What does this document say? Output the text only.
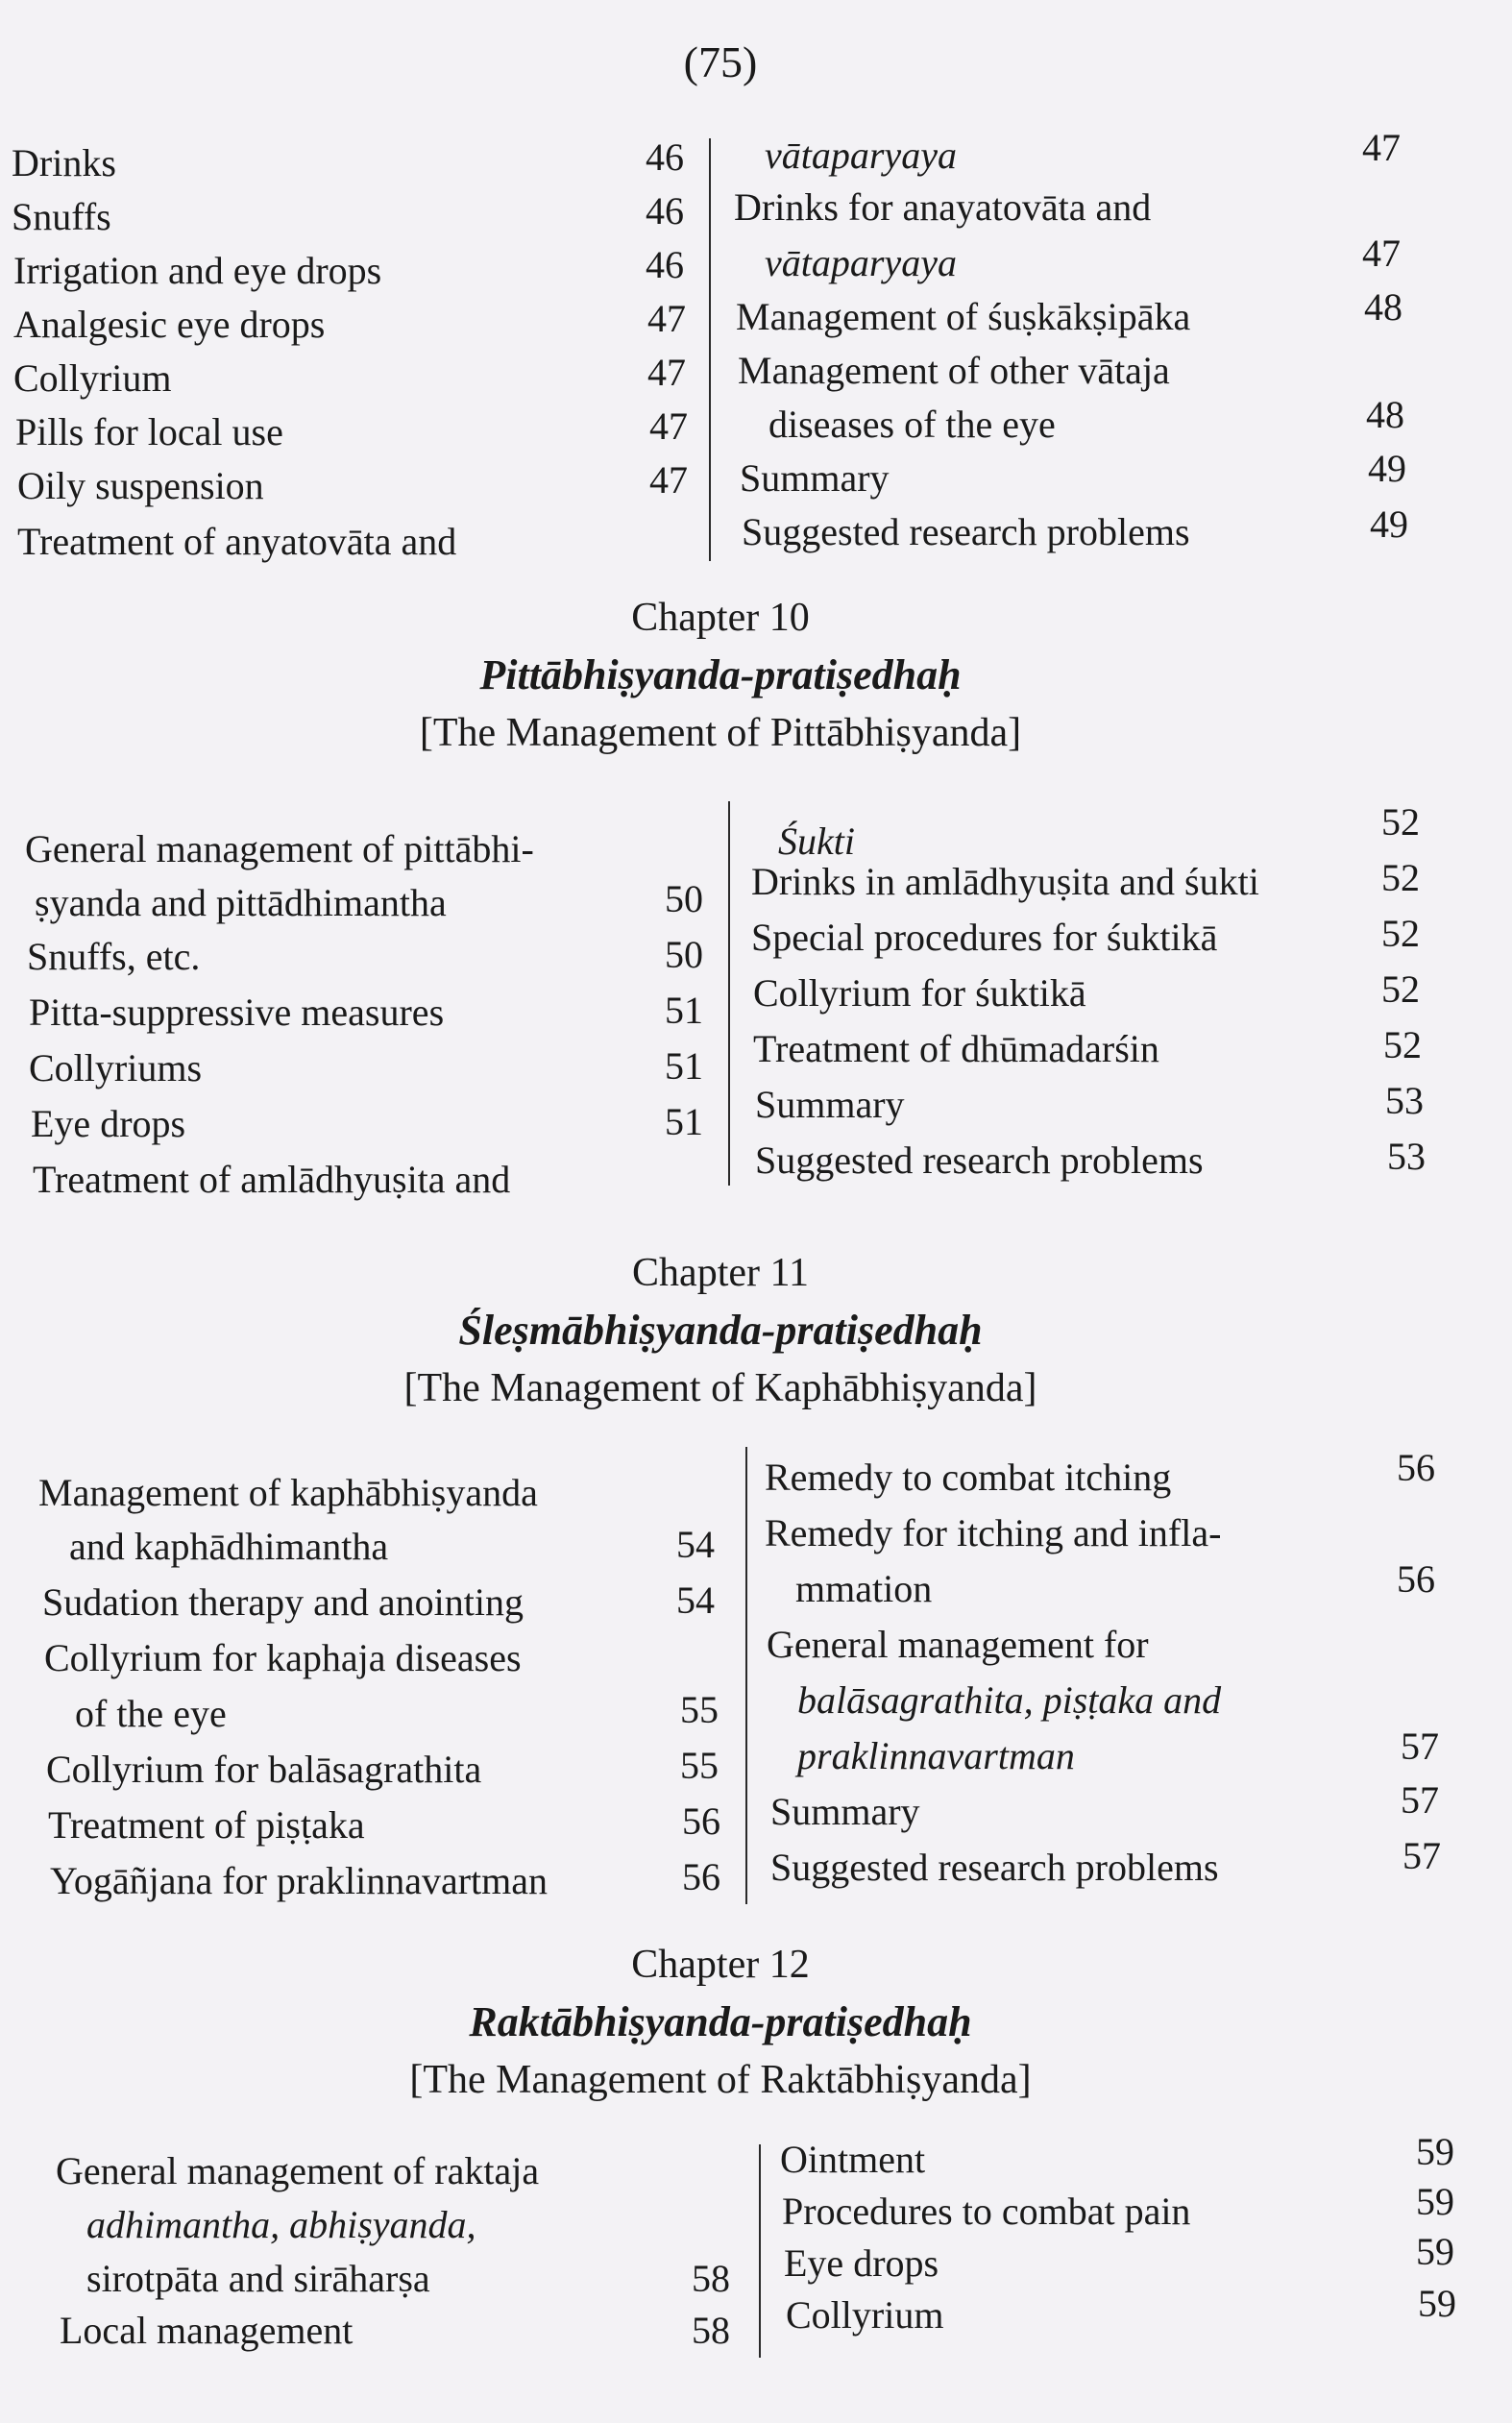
(75)
Drinks	46
Snuffs	46
Irrigation and eye drops	46
Analgesic eye drops	47
Collyrium	47
Pills for local use	47
Oily suspension	47
Treatment of anyatovāta and
vātaparyaya	47
Drinks for anayatovāta and
vātaparyaya	47
Management of śuṣkākṣipāka	48
Management of other vātaja
diseases of the eye	48
Summary	49
Suggested research problems	49
Chapter 10
Pittābhiṣyanda-pratiṣedhaḥ
[The Management of Pittābhiṣyanda]
General management of pittābhi-
ṣyanda and pittādhimantha	50
Snuffs, etc.	50
Pitta-suppressive measures	51
Collyriums	51
Eye drops	51
Treatment of amlādhyuṣita and
Śukti	52
Drinks in amlādhyuṣita and śukti	52
Special procedures for śuktikā	52
Collyrium for śuktikā	52
Treatment of dhūmadarśin	52
Summary	53
Suggested research problems	53
Chapter 11
Śleṣmābhiṣyanda-pratiṣedhaḥ
[The Management of Kaphābhiṣyanda]
Management of kaphābhiṣyanda
and kaphādhimantha	54
Sudation therapy and anointing	54
Collyrium for kaphaja diseases
of the eye	55
Collyrium for balāsagrathita	55
Treatment of piṣṭaka	56
Yogāñjana for praklinnavartman	56
Remedy to combat itching	56
Remedy for itching and infla-
mmation	56
General management for
balāsagrathita, piṣṭaka and
praklinnavartman	57
Summary	57
Suggested research problems	57
Chapter 12
Raktābhiṣyanda-pratiṣedhaḥ
[The Management of Raktābhiṣyanda]
General management of raktaja
adhimantha, abhiṣyanda,
sirotpāta and sirāharṣa	58
Local management	58
Ointment	59
Procedures to combat pain	59
Eye drops	59
Collyrium	59
